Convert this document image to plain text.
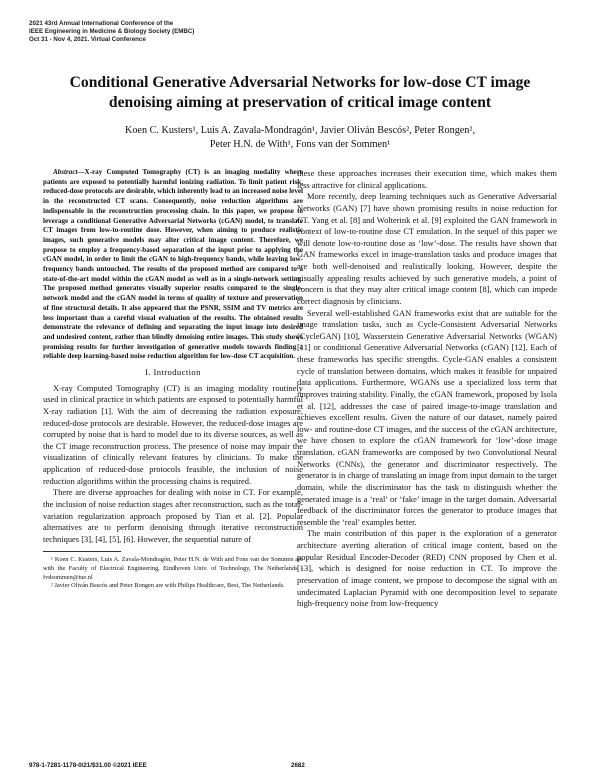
2021 43rd Annual International Conference of the
IEEE Engineering in Medicine & Biology Society (EMBC)
Oct 31 - Nov 4, 2021. Virtual Conference
Conditional Generative Adversarial Networks for low-dose CT image
denoising aiming at preservation of critical image content
Koen C. Kusters¹, Luis A. Zavala-Mondragón¹, Javier Oliván Bescós², Peter Rongen²,
Peter H.N. de With¹, Fons van der Sommen¹

Abstract—X-ray Computed Tomography (CT) is an imaging modality where patients are exposed to potentially harmful ionizing radiation. To limit patient risk, reduced-dose protocols are desirable, which inherently lead to an increased noise level in the reconstructed CT scans. Consequently, noise reduction algorithms are indispensable in the reconstruction processing chain. In this paper, we propose to leverage a conditional Generative Adversarial Networks (cGAN) model, to translate CT images from low-to-routine dose. However, when aiming to produce realistic images, such generative models may alter critical image content. Therefore, we propose to employ a frequency-based separation of the input prior to applying the cGAN model, in order to limit the cGAN to high-frequency bands, while leaving low-frequency bands untouched. The results of the proposed method are compared to a state-of-the-art model within the cGAN model as well as in a single-network setting. The proposed method generates visually superior results compared to the single-network model and the cGAN model in terms of quality of texture and preservation of fine structural details. It also appeared that the PSNR, SSIM and TV metrics are less important than a careful visual evaluation of the results. The obtained results demonstrate the relevance of defining and separating the input image into desired and undesired content, rather than blindly denoising entire images. This study shows promising results for further investigation of generative models towards finding a reliable deep learning-based noise reduction algorithm for low-dose CT acquisition.

I. Introduction

X-ray Computed Tomography (CT) is an imaging modality routinely used in clinical practice in which patients are exposed to potentially harmful X-ray radiation [1]. With the aim of decreasing the radiation exposure, reduced-dose protocols are desirable. However, the reduced-dose images are corrupted by noise that is hard to model due to its diverse sources, as well as the CT image reconstruction process. The presence of noise may impair the visualization of clinically relevant features by clinicians. To make the application of reduced-dose protocols feasible, the inclusion of noise reduction algorithms within the processing chains is required.

There are diverse approaches for dealing with noise in CT. For example, the inclusion of noise reduction stages after reconstruction, such as the total-variation regularization approach proposed by Tian et al. [2]. Popular alternatives are to perform denoising through iterative reconstruction techniques [3], [4], [5], [6]. However, the sequential nature of

¹ Koen C. Kusters, Luis A. Zavala-Mondragón, Peter H.N. de With and Fons van der Sommen are with the Faculty of Electrical Engineering, Eindhoven Univ. of Technology, The Netherlands - fvdsommen@tue.nl

² Javier Oliván Bescós and Peter Rongen are with Philips Healthcare, Best, The Netherlands.

these these approaches increases their execution time, which makes them less attractive for clinical applications.

More recently, deep learning techniques such as Generative Adversarial Networks (GAN) [7] have shown promising results in noise reduction for CT. Yang et al. [8] and Wolterink et al. [9] exploited the GAN framework in context of low-to-routine dose CT emulation. In the sequel of this paper we will denote low-to-routine dose as ‘low’-dose. The results have shown that GAN frameworks excel in image-translation tasks and produce images that are both well-denoised and realistically looking. However, despite the visually appealing results achieved by such generative models, a point of concern is that they may alter critical image content [8], which can impede correct diagnosis by clinicians.

Several well-established GAN frameworks exist that are suitable for the image translation tasks, such as Cycle-Consistent Adversarial Networks (CycleGAN) [10], Wasserstein Generative Adversarial Networks (WGAN) [11] or conditional Generative Adversarial Networks (cGAN) [12]. Each of these frameworks has specific strengths. Cycle-GAN enables a consistent cycle of translation between domains, which makes it feasible for unpaired data applications. Furthermore, WGANs use a specialized loss term that improves training stability. Finally, the cGAN framework, proposed by Isola et al. [12], addresses the case of paired image-to-image translation and achieves excellent results. Given the nature of our dataset, namely paired low- and routine-dose CT images, and the success of the cGAN architecture, we have chosen to explore the cGAN framework for ‘low’-dose image translation. cGAN frameworks are composed by two Convolutional Neural Networks (CNNs), the generator and discriminator respectively. The generator is in charge of translating an image from input domain to the target domain, while the discriminator has the task to distinguish whether the generated image is a ‘real’ or ‘fake’ image in the target domain. Adversarial feedback of the discriminator forces the generator to produce images that resemble the ‘real’ examples better.

The main contribution of this paper is the exploration of a generator architecture averting alteration of critical image content, based on the popular Residual Encoder-Decoder (RED) CNN proposed by Chen et al. [13], which is designed for noise reduction in CT. To improve the preservation of image content, we propose to decompose the signal with an undecimated Laplacian Pyramid with one decomposition level to separate high-frequency noise from low-frequency

978-1-7281-1178-0/21/$31.00 ©2021 IEEE	2682
